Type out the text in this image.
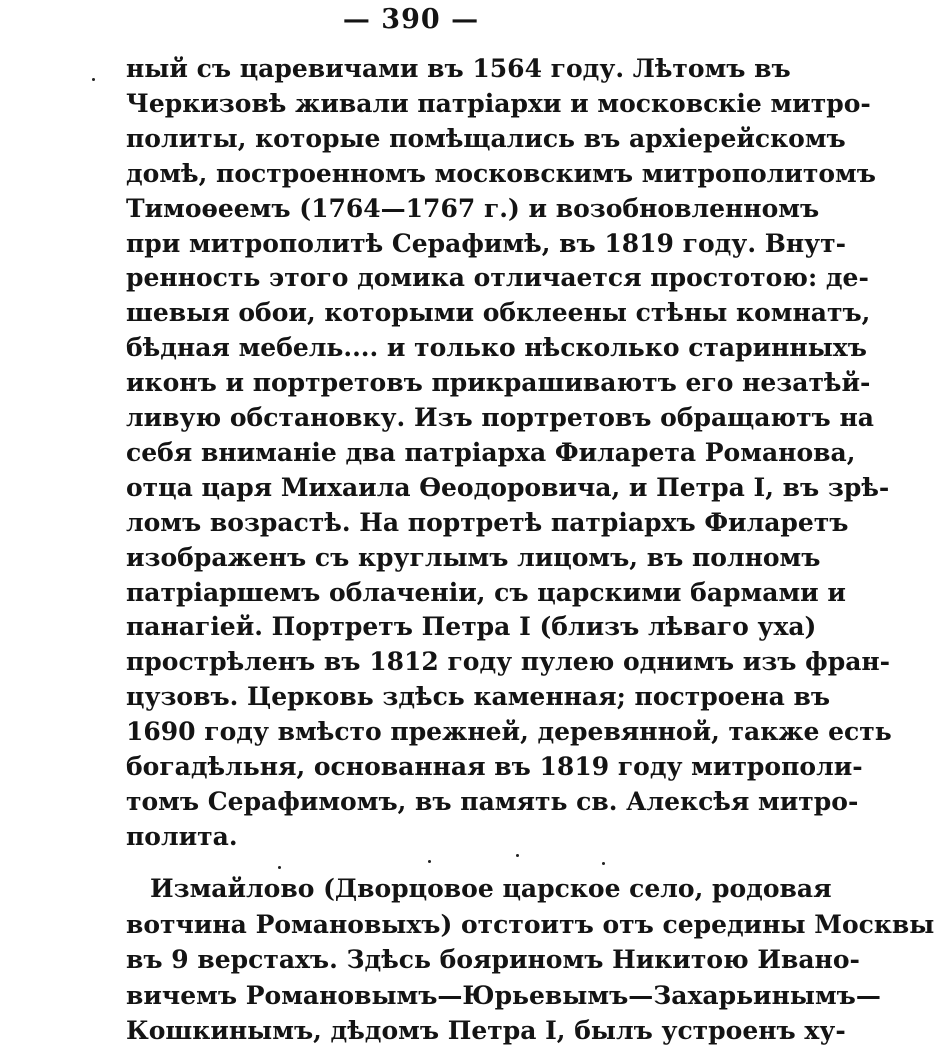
— 390 —
ный съ царевичами въ 1564 году. Лѣтомъ въ
Черкизовѣ живали патріархи и московскіе митро-
политы, которые помѣщались въ архіерейскомъ
домѣ, построенномъ московскимъ митрополитомъ
Тимоѳеемъ (1764—1767 г.) и возобновленномъ
при митрополитѣ Серафимѣ, въ 1819 году. Внут-
ренность этого домика отличается простотою: де-
шевыя обои, которыми обклеены стѣны комнатъ,
бѣдная мебель.... и только нѣсколько старинныхъ
иконъ и портретовъ прикрашиваютъ его незатѣй-
ливую обстановку. Изъ портретовъ обращаютъ на
себя вниманіе два патріарха Филарета Романова,
отца царя Михаила Ѳеодоровича, и Петра I, въ зрѣ-
ломъ возрастѣ. На портретѣ патріархъ Филаретъ
изображенъ съ круглымъ лицомъ, въ полномъ
патріаршемъ облаченіи, съ царскими бармами и
панагіей. Портретъ Петра I (близъ лѣваго уха)
прострѣленъ въ 1812 году пулею однимъ изъ фран-
цузовъ. Церковь здѣсь каменная; построена въ
1690 году вмѣсто прежней, деревянной, также есть
богадѣльня, основанная въ 1819 году митрополи-
томъ Серафимомъ, въ память св. Алексѣя митро-
полита.
Измайлово (Дворцовое царское село, родовая
вотчина Романовыхъ) отстоитъ отъ середины Москвы
въ 9 верстахъ. Здѣсь бояриномъ Никитою Ивано-
вичемъ Романовымъ—Юрьевымъ—Захарьинымъ—
Кошкинымъ, дѣдомъ Петра I, былъ устроенъ ху-
